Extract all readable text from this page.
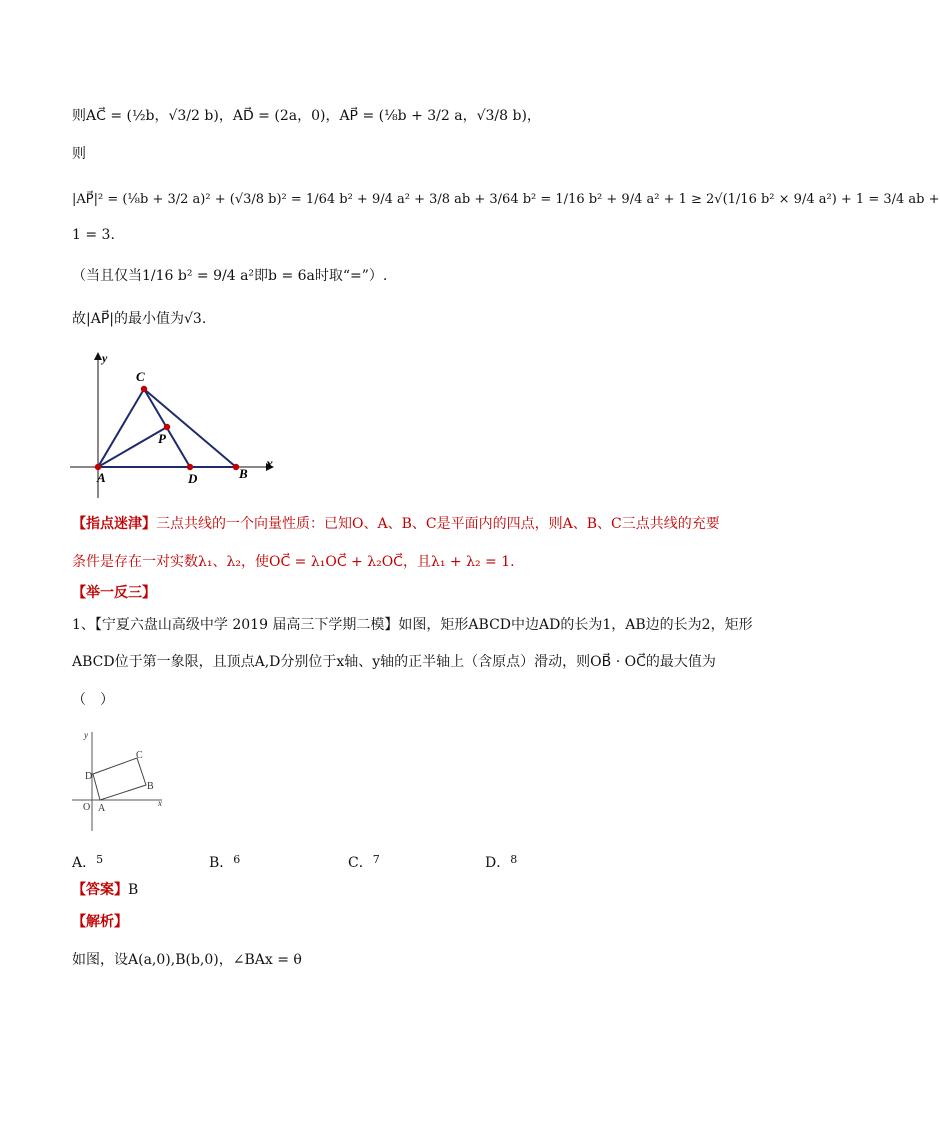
则AC⃗ = (½b，√3/2 b)，AD⃗ = (2a，0)，AP⃗ = (⅛b + 3/2 a，√3/8 b)，
则
|AP⃗|² = (⅛b + 3/2 a)² + (√3/8 b)² = 1/64 b² + 9/4 a² + 3/8 ab + 3/64 b² = 1/16 b² + 9/4 a² + 1 ≥ 2√(1/16 b² × 9/4 a²) + 1 = 3/4 ab +
1 = 3.
（当且仅当1/16 b² = 9/4 a²即b = 6a时取“=”）.
故|AP⃗|的最小值为√3.
x
y
C
P
A	D	B
【指点迷津】三点共线的一个向量性质：已知O、A、B、C是平面内的四点，则A、B、C三点共线的充要
条件是存在一对实数λ₁、λ₂，使OC⃗ = λ₁OC⃗ + λ₂OC⃗，且λ₁ + λ₂ = 1.
【举一反三】
1、【宁夏六盘山高级中学 2019 届高三下学期二模】如图，矩形ABCD中边AD的长为1，AB边的长为2，矩形
ABCD位于第一象限，且顶点A,D分别位于x轴、y轴的正半轴上（含原点）滑动，则OB⃗ · OC⃗的最大值为
（　）
x
y
O A
D
C
B
A．$^5$	B．$^6$	C．$^7$	D．$^8$
【答案】B
【解析】
如图，设A(a,0),B(b,0)，∠BAx = θ
